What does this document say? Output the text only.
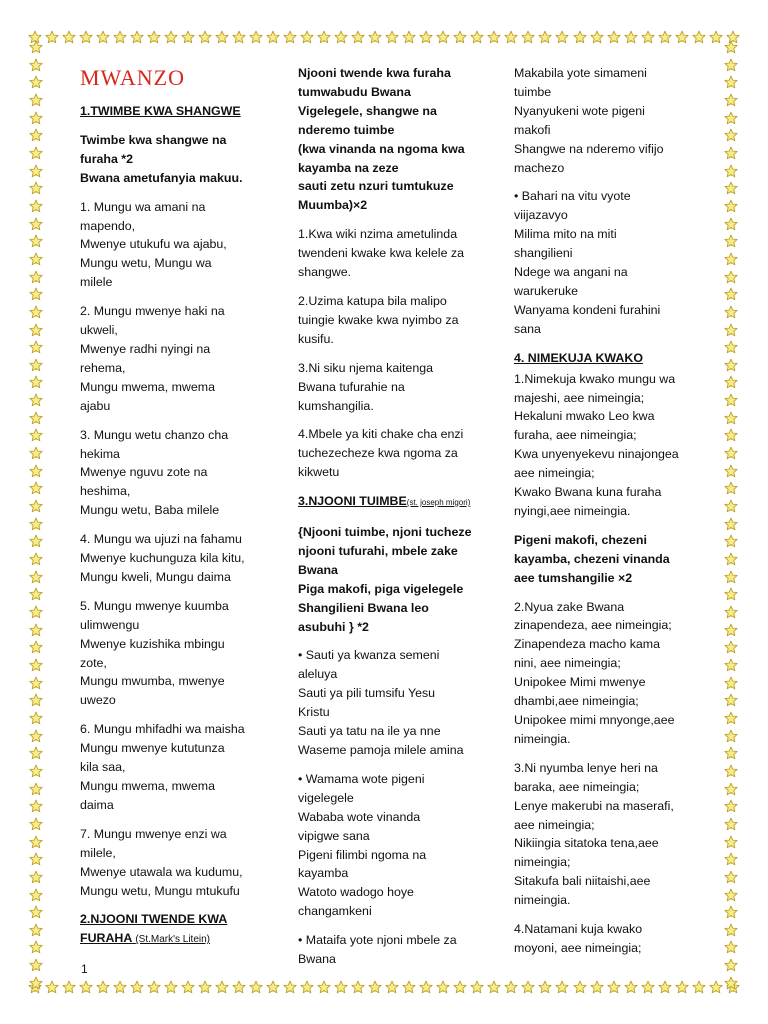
MWANZO
1.TWIMBE KWA SHANGWE

Twimbe kwa shangwe na
furaha *2
Bwana ametufanyia makuu.

1. Mungu wa amani na
mapendo,
Mwenye utukufu wa ajabu,
Mungu wetu, Mungu wa
milele

2. Mungu mwenye haki na
ukweli,
Mwenye radhi nyingi na
rehema,
Mungu mwema, mwema
ajabu

3. Mungu wetu chanzo cha
hekima
Mwenye nguvu zote na
heshima,
Mungu wetu, Baba milele

4. Mungu wa ujuzi na fahamu
Mwenye kuchunguza kila kitu,
Mungu kweli, Mungu daima

5. Mungu mwenye kuumba
ulimwengu
Mwenye kuzishika mbingu
zote,
Mungu mwumba, mwenye
uwezo

6. Mungu mhifadhi wa maisha
Mungu mwenye kututunza
kila saa,
Mungu mwema, mwema
daima

7. Mungu mwenye enzi wa
milele,
Mwenye utawala wa kudumu,
Mungu wetu, Mungu mtukufu

2.NJOONI TWENDE KWA
FURAHA (St.Mark's Litein)

Njooni twende kwa furaha
tumwabudu Bwana
Vigelegele, shangwe na
nderemo tuimbe
(kwa vinanda na ngoma kwa
kayamba na zeze
sauti zetu nzuri tumtukuze
Muumba)×2

1.Kwa wiki nzima ametulinda
twendeni kwake kwa kelele za
shangwe.

2.Uzima katupa bila malipo
tuingie kwake kwa nyimbo za
kusifu.

3.Ni siku njema kaitenga
Bwana tufurahie na
kumshangilia.

4.Mbele ya kiti chake cha enzi
tuchezecheze kwa ngoma za
kikwetu

3.NJOONI TUIMBE(st. joseph migori)

{Njooni tuimbe, njoni tucheze
njooni tufurahi, mbele zake
Bwana
Piga makofi, piga vigelegele
Shangilieni Bwana leo
asubuhi } *2

• Sauti ya kwanza semeni
aleluya
Sauti ya pili tumsifu Yesu
Kristu
Sauti ya tatu na ile ya nne
Waseme pamoja milele amina

• Wamama wote pigeni
vigelegele
Wababa wote vinanda
vipigwe sana
Pigeni filimbi ngoma na
kayamba
Watoto wadogo hoye
changamkeni

• Mataifa yote njoni mbele za
Bwana

Makabila yote simameni
tuimbe
Nyanyukeni wote pigeni
makofi
Shangwe na nderemo vifijo
machezo

• Bahari na vitu vyote
viijazavyo
Milima mito na miti
shangilieni
Ndege wa angani na
warukeruke
Wanyama kondeni furahini
sana

4. NIMEKUJA KWAKO

1.Nimekuja kwako mungu wa
majeshi, aee nimeingia;
Hekaluni mwako Leo kwa
furaha, aee nimeingia;
Kwa unyenyekevu ninajongea
aee nimeingia;
Kwako Bwana kuna furaha
nyingi,aee nimeingia.

Pigeni makofi, chezeni
kayamba, chezeni vinanda
aee tumshangilie ×2

2.Nyua zake Bwana
zinapendeza, aee nimeingia;
Zinapendeza macho kama
nini, aee nimeingia;
Unipokee Mimi mwenye
dhambi,aee nimeingia;
Unipokee mimi mnyonge,aee
nimeingia.

3.Ni nyumba lenye heri na
baraka, aee nimeingia;
Lenye makerubi na maserafi,
aee nimeingia;
Nikiingia sitatoka tena,aee
nimeingia;
Sitakufa bali niitaishi,aee
nimeingia.

4.Natamani kuja kwako
moyoni, aee nimeingia;

1
